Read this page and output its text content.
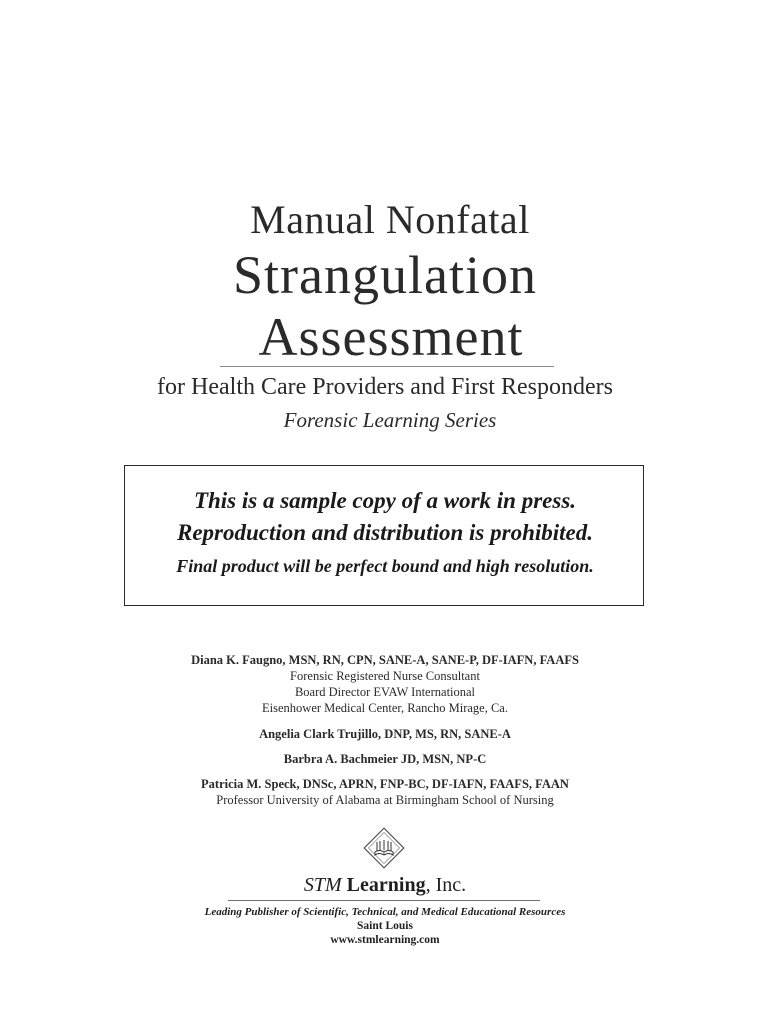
Manual Nonfatal
Strangulation
Assessment
for Health Care Providers and First Responders
Forensic Learning Series
This is a sample copy of a work in press.
Reproduction and distribution is prohibited.
Final product will be perfect bound and high resolution.
Diana K. Faugno, MSN, RN, CPN, SANE-A, SANE-P, DF-IAFN, FAAFS
Forensic Registered Nurse Consultant
Board Director EVAW International
Eisenhower Medical Center, Rancho Mirage, Ca.
Angelia Clark Trujillo, DNP, MS, RN, SANE-A
Barbra A. Bachmeier JD, MSN, NP-C
Patricia M. Speck, DNSc, APRN, FNP-BC, DF-IAFN, FAAFS, FAAN
Professor University of Alabama at Birmingham School of Nursing
STM Learning, Inc.
Leading Publisher of Scientific, Technical, and Medical Educational Resources
Saint Louis
www.stmlearning.com
